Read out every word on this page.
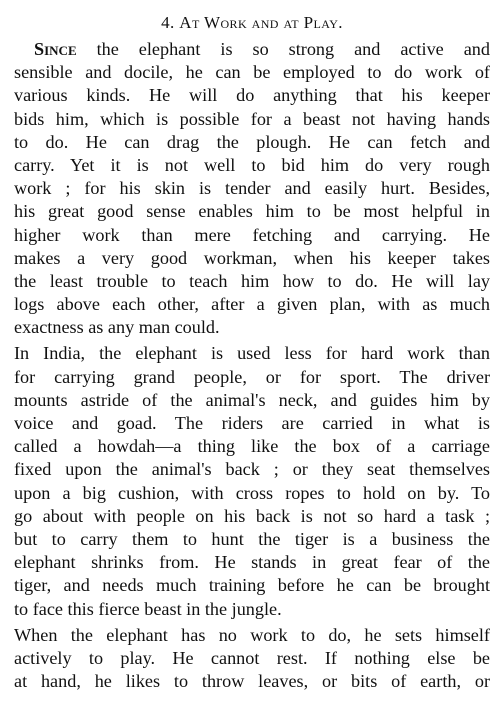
4. At Work and at Play.

Since the elephant is so strong and active and
sensible and docile, he can be employed to do work of
various kinds. He will do anything that his keeper
bids him, which is possible for a beast not having hands
to do. He can drag the plough. He can fetch and
carry. Yet it is not well to bid him do very rough
work ; for his skin is tender and easily hurt. Besides,
his great good sense enables him to be most helpful in
higher work than mere fetching and carrying. He
makes a very good workman, when his keeper takes
the least trouble to teach him how to do. He will lay
logs above each other, after a given plan, with as much
exactness as any man could.

In India, the elephant is used less for hard work than
for carrying grand people, or for sport. The driver
mounts astride of the animal's neck, and guides him by
voice and goad. The riders are carried in what is
called a howdah—a thing like the box of a carriage
fixed upon the animal's back ; or they seat themselves
upon a big cushion, with cross ropes to hold on by. To
go about with people on his back is not so hard a task ;
but to carry them to hunt the tiger is a business the
elephant shrinks from. He stands in great fear of the
tiger, and needs much training before he can be brought
to face this fierce beast in the jungle.

When the elephant has no work to do, he sets himself
actively to play. He cannot rest. If nothing else be
at hand, he likes to throw leaves, or bits of earth, or
